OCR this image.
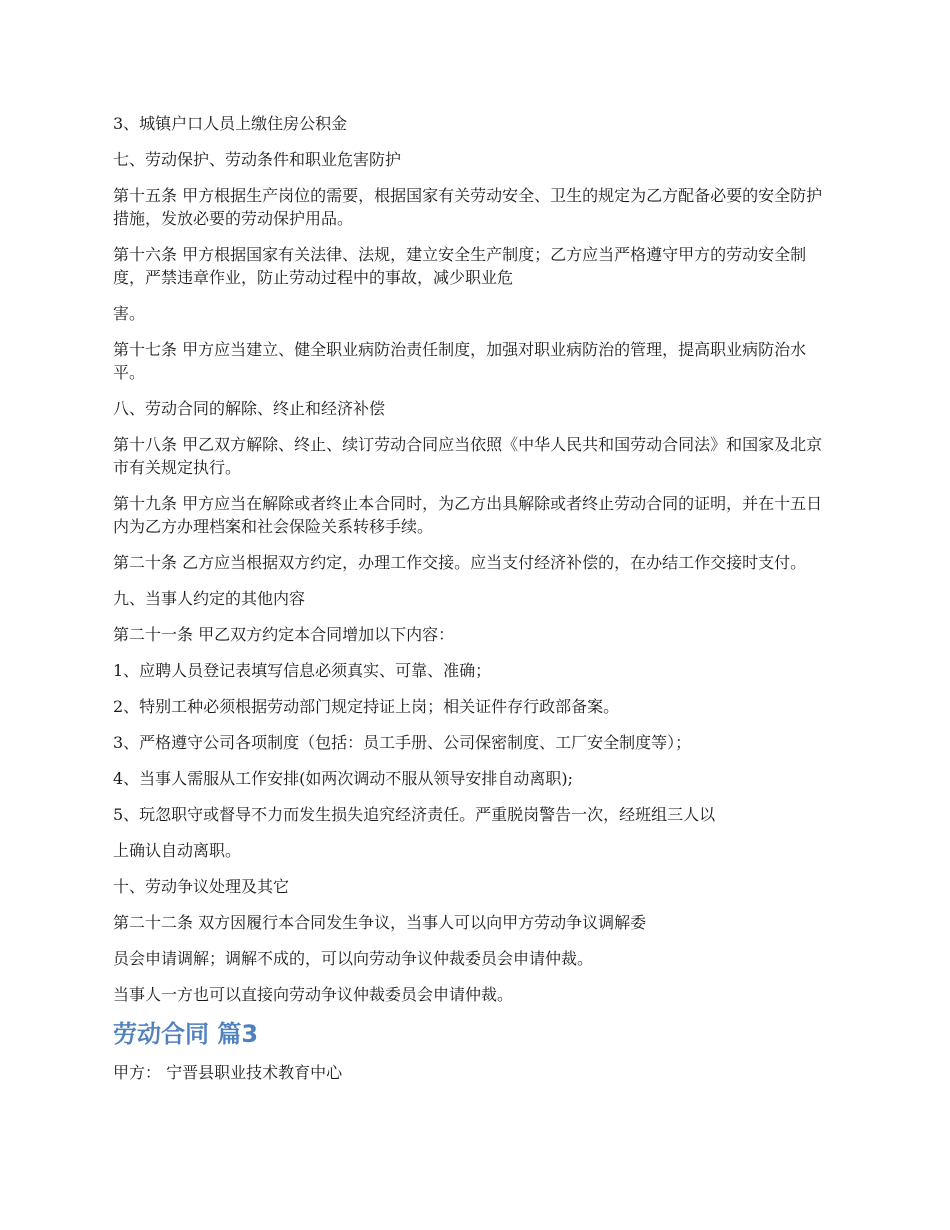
3、城镇户口人员上缴住房公积金

七、劳动保护、劳动条件和职业危害防护

第十五条 甲方根据生产岗位的需要，根据国家有关劳动安全、卫生的规定为乙方配备必要的安全防护措施，发放必要的劳动保护用品。

第十六条 甲方根据国家有关法律、法规，建立安全生产制度；乙方应当严格遵守甲方的劳动安全制度，严禁违章作业，防止劳动过程中的事故，减少职业危

害。

第十七条 甲方应当建立、健全职业病防治责任制度，加强对职业病防治的管理，提高职业病防治水平。

八、劳动合同的解除、终止和经济补偿

第十八条 甲乙双方解除、终止、续订劳动合同应当依照《中华人民共和国劳动合同法》和国家及北京市有关规定执行。

第十九条 甲方应当在解除或者终止本合同时，为乙方出具解除或者终止劳动合同的证明，并在十五日内为乙方办理档案和社会保险关系转移手续。

第二十条 乙方应当根据双方约定，办理工作交接。应当支付经济补偿的，在办结工作交接时支付。

九、当事人约定的其他内容

第二十一条 甲乙双方约定本合同增加以下内容：

1、应聘人员登记表填写信息必须真实、可靠、准确；

2、特别工种必须根据劳动部门规定持证上岗；相关证件存行政部备案。

3、严格遵守公司各项制度（包括：员工手册、公司保密制度、工厂安全制度等）；

4、当事人需服从工作安排(如两次调动不服从领导安排自动离职);

5、玩忽职守或督导不力而发生损失追究经济责任。严重脱岗警告一次，经班组三人以

上确认自动离职。

十、劳动争议处理及其它

第二十二条 双方因履行本合同发生争议，当事人可以向甲方劳动争议调解委

员会申请调解；调解不成的，可以向劳动争议仲裁委员会申请仲裁。

当事人一方也可以直接向劳动争议仲裁委员会申请仲裁。

劳动合同 篇3

甲方： 宁晋县职业技术教育中心
